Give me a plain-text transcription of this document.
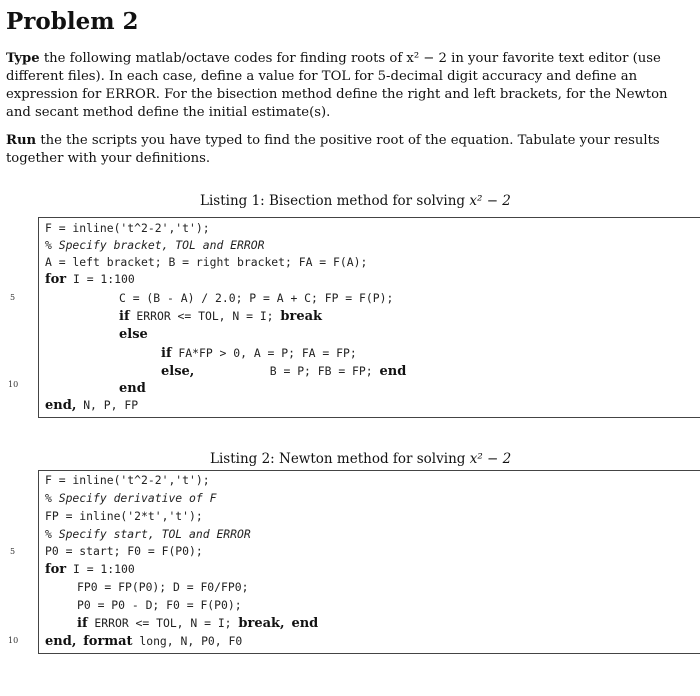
Problem 2
Type the following matlab/octave codes for finding roots of x² − 2 in your favorite text editor (use different files). In each case, define a value for TOL for 5-decimal digit accuracy and define an expression for ERROR. For the bisection method define the right and left brackets, for the Newton and secant method define the initial estimate(s).
Run the the scripts you have typed to find the positive root of the equation. Tabulate your results together with your definitions.
Listing 1: Bisection method for solving x² − 2
F = inline('t^2-2','t');
% Specify bracket, TOL and ERROR
A = left bracket; B = right bracket; FA = F(A);
for I = 1:100
C = (B - A) / 2.0; P = A + C; FP = F(P);
if ERROR <= TOL, N = I; break
else
if FA*FP > 0, A = P; FA = FP;
else,           B = P; FB = FP; end
end
end, N, P, FP
5
10
Listing 2: Newton method for solving x² − 2
F = inline('t^2-2','t');
% Specify derivative of F
FP = inline('2*t','t');
% Specify start, TOL and ERROR
P0 = start; F0 = F(P0);
for I = 1:100
FP0 = FP(P0); D = F0/FP0;
P0 = P0 - D; F0 = F(P0);
if ERROR <= TOL, N = I; break, end
end, format long, N, P0, F0
5
10
